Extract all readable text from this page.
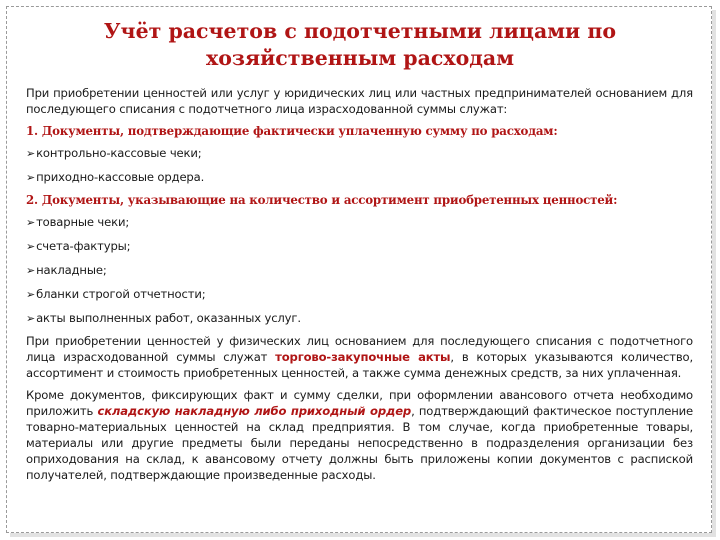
Учёт расчетов с подотчетными лицами по
хозяйственным расходам

При приобретении ценностей или услуг у юридических лиц или частных предпринимателей основанием для последующего списания с подотчетного лица израсходованной суммы служат:

1. Документы, подтверждающие фактически уплаченную сумму по расходам:

➢ контрольно-кассовые чеки;
➢ приходно-кассовые ордера.

2. Документы, указывающие на количество и ассортимент приобретенных ценностей:

➢ товарные чеки;
➢ счета-фактуры;
➢ накладные;
➢ бланки строгой отчетности;
➢ акты выполненных работ, оказанных услуг.

При приобретении ценностей у физических лиц основанием для последующего списания с подотчетного лица израсходованной суммы служат торгово-закупочные акты, в которых указываются количество, ассортимент и стоимость приобретенных ценностей, а также сумма денежных средств, за них уплаченная.

Кроме документов, фиксирующих факт и сумму сделки, при оформлении авансового отчета необходимо приложить складскую накладную либо приходный ордер, подтверждающий фактическое поступление товарно-материальных ценностей на склад предприятия. В том случае, когда приобретенные товары, материалы или другие предметы были переданы непосредственно в подразделения организации без оприходования на склад, к авансовому отчету должны быть приложены копии документов с распиской получателей, подтверждающие произведенные расходы.
